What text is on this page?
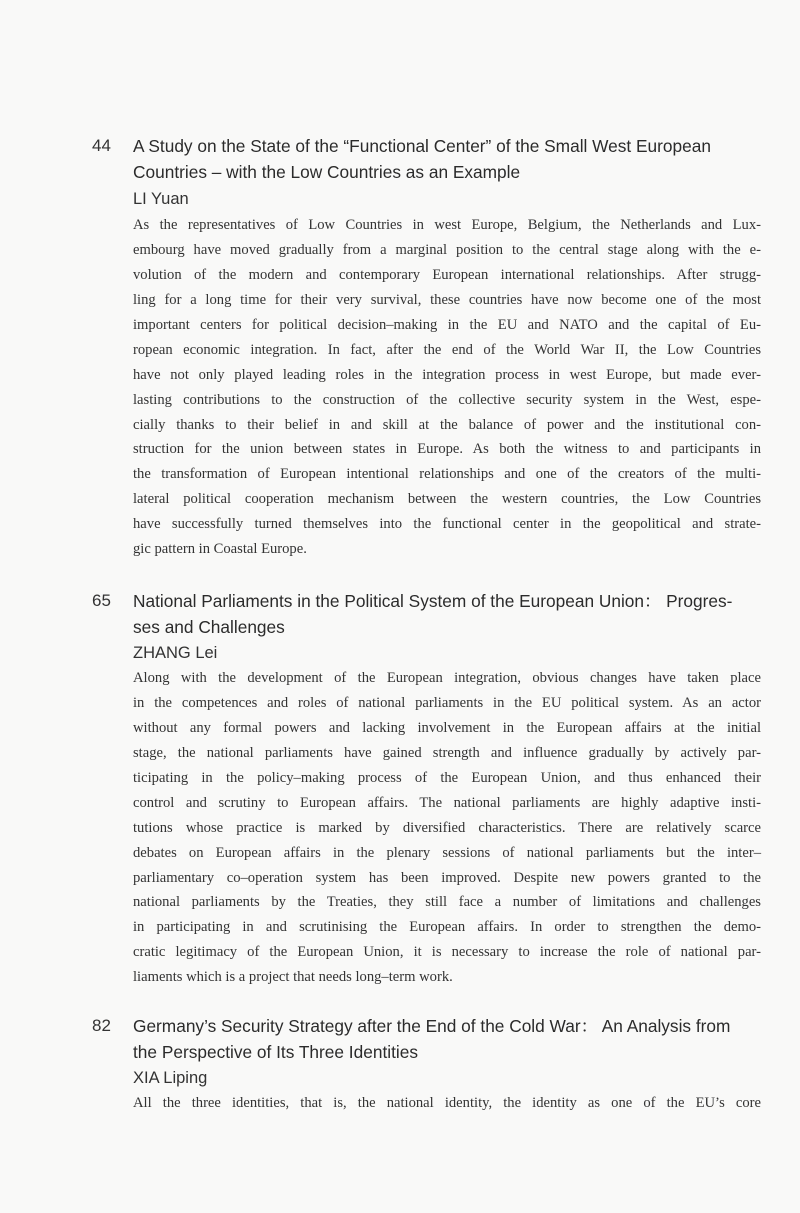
44 A Study on the State of the “Functional Center” of the Small West European
Countries – with the Low Countries as an Example
LI Yuan
As the representatives of Low Countries in west Europe, Belgium, the Netherlands and Lux-
embourg have moved gradually from a marginal position to the central stage along with the e-
volution of the modern and contemporary European international relationships. After strugg-
ling for a long time for their very survival, these countries have now become one of the most
important centers for political decision–making in the EU and NATO and the capital of Eu-
ropean economic integration. In fact, after the end of the World War II, the Low Countries
have not only played leading roles in the integration process in west Europe, but made ever-
lasting contributions to the construction of the collective security system in the West, espe-
cially thanks to their belief in and skill at the balance of power and the institutional con-
struction for the union between states in Europe. As both the witness to and participants in
the transformation of European intentional relationships and one of the creators of the multi-
lateral political cooperation mechanism between the western countries, the Low Countries
have successfully turned themselves into the functional center in the geopolitical and strate-
gic pattern in Coastal Europe.
65 National Parliaments in the Political System of the European Union： Progres-
ses and Challenges
ZHANG Lei
Along with the development of the European integration, obvious changes have taken place
in the competences and roles of national parliaments in the EU political system. As an actor
without any formal powers and lacking involvement in the European affairs at the initial
stage, the national parliaments have gained strength and influence gradually by actively par-
ticipating in the policy–making process of the European Union, and thus enhanced their
control and scrutiny to European affairs. The national parliaments are highly adaptive insti-
tutions whose practice is marked by diversified characteristics. There are relatively scarce
debates on European affairs in the plenary sessions of national parliaments but the inter–
parliamentary co–operation system has been improved. Despite new powers granted to the
national parliaments by the Treaties, they still face a number of limitations and challenges
in participating in and scrutinising the European affairs. In order to strengthen the demo-
cratic legitimacy of the European Union, it is necessary to increase the role of national par-
liaments which is a project that needs long–term work.
82 Germany’s Security Strategy after the End of the Cold War： An Analysis from
the Perspective of Its Three Identities
XIA Liping
All the three identities, that is, the national identity, the identity as one of the EU’s core
